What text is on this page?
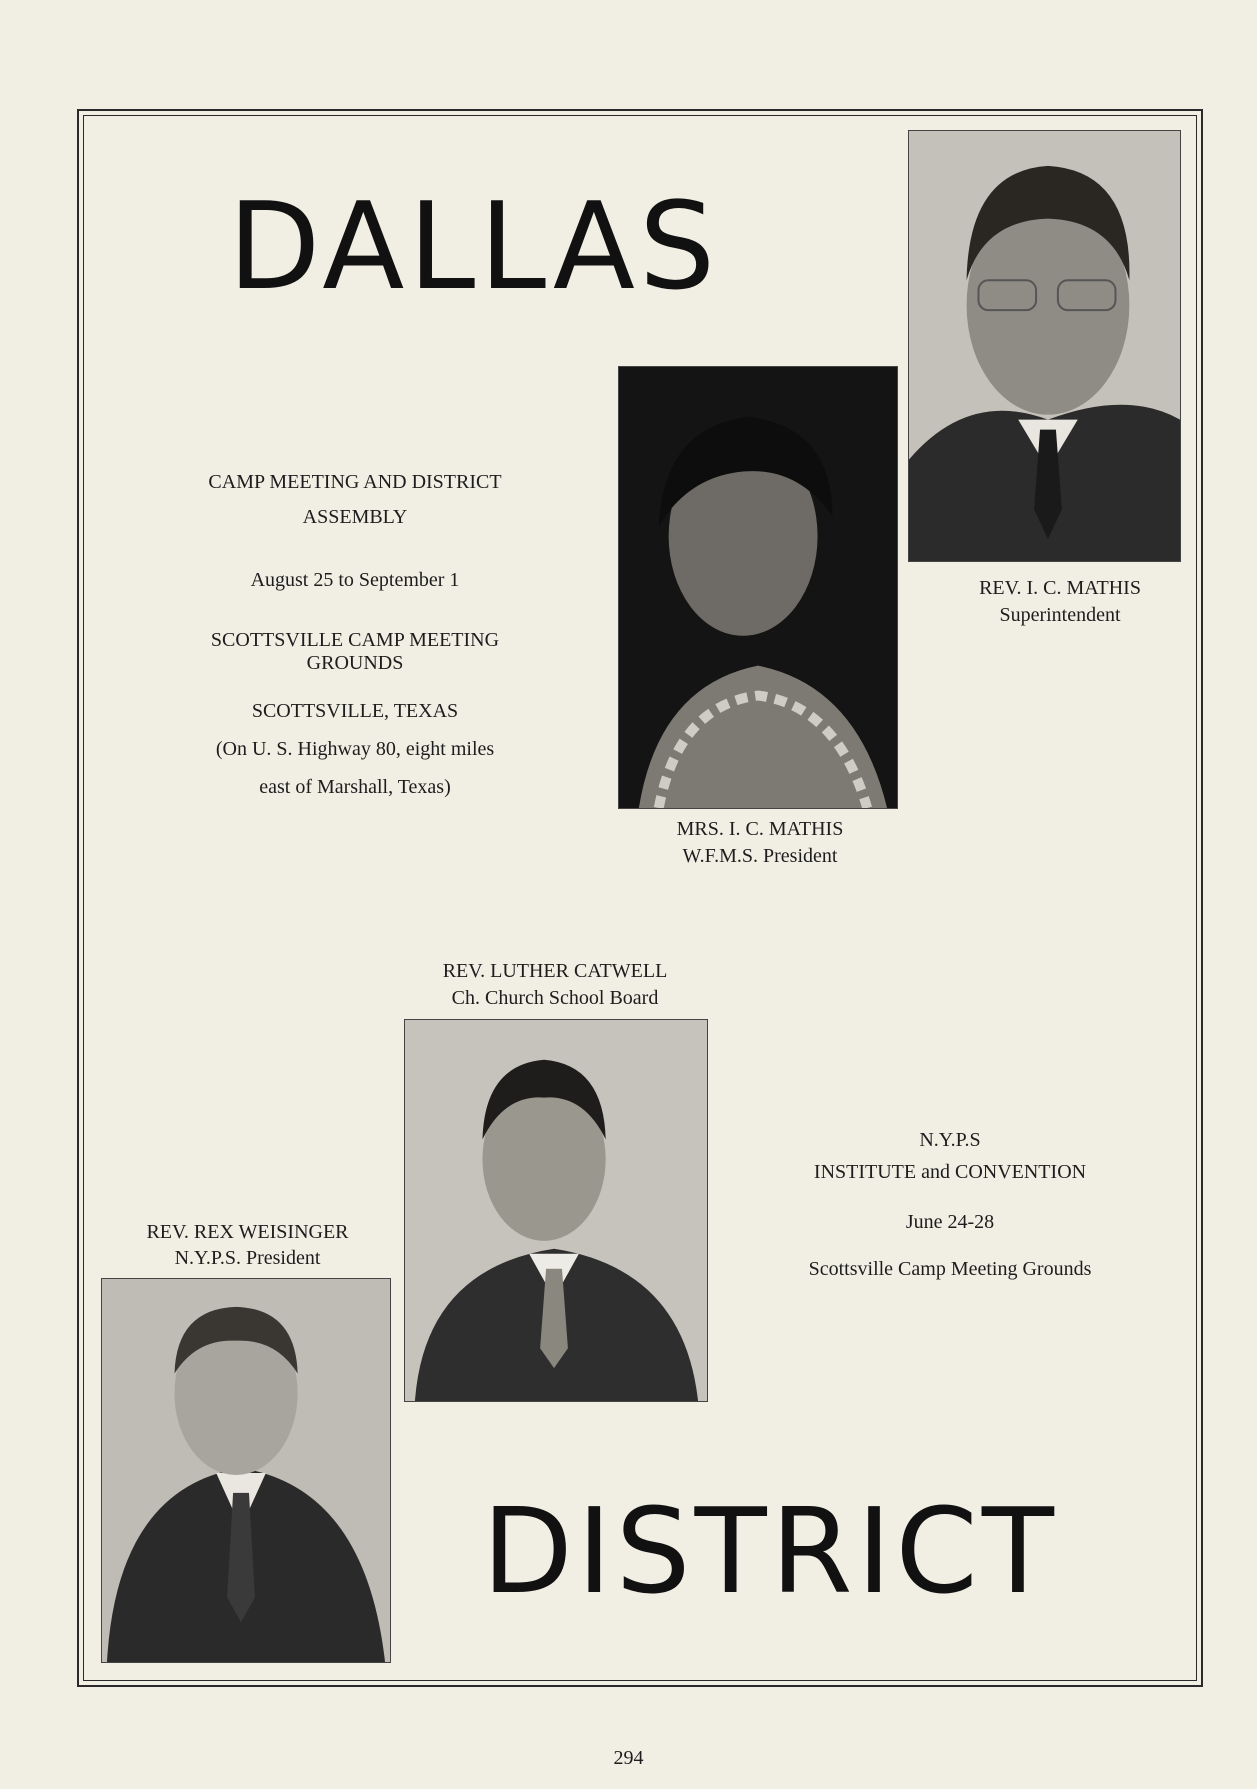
DALLAS

CAMP MEETING AND DISTRICT

ASSEMBLY

August 25 to September 1

SCOTTSVILLE CAMP MEETING

GROUNDS

SCOTTSVILLE, TEXAS

(On U. S. Highway 80, eight miles

east of Marshall, Texas)

REV. I. C. MATHIS

Superintendent

MRS. I. C. MATHIS

W.F.M.S. President

REV. LUTHER CATWELL

Ch. Church School Board

N.Y.P.S

INSTITUTE and CONVENTION

June 24-28

Scottsville Camp Meeting Grounds

REV. REX WEISINGER

N.Y.P.S. President

DISTRICT
294
